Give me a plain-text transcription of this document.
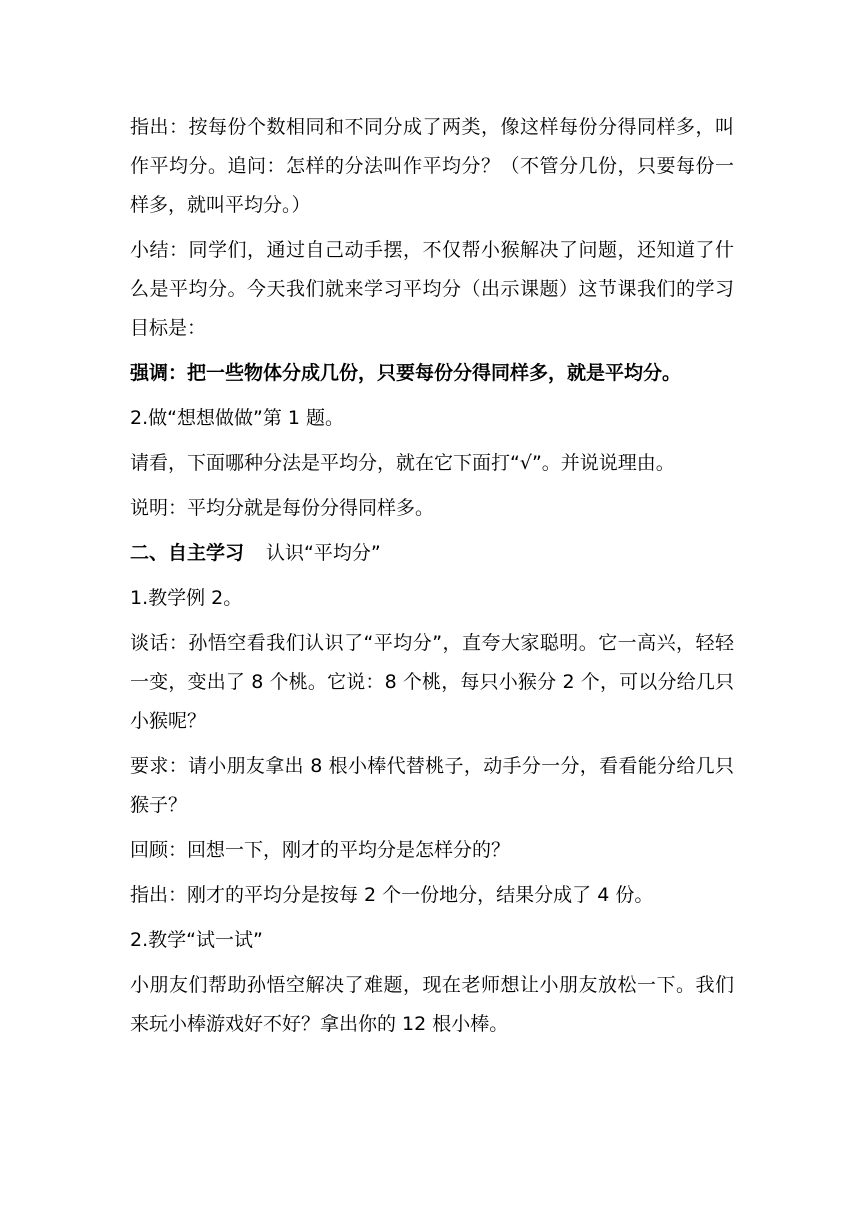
指出：按每份个数相同和不同分成了两类，像这样每份分得同样多，叫作平均分。追问：怎样的分法叫作平均分？（不管分几份，只要每份一样多，就叫平均分。）

小结：同学们，通过自己动手摆，不仅帮小猴解决了问题，还知道了什么是平均分。今天我们就来学习平均分（出示课题）这节课我们的学习目标是：

强调：把一些物体分成几份，只要每份分得同样多，就是平均分。

2.做“想想做做”第 1 题。

请看，下面哪种分法是平均分，就在它下面打“√”。并说说理由。

说明：平均分就是每份分得同样多。

二、自主学习 认识“平均分”

1.教学例 2。

谈话：孙悟空看我们认识了“平均分”，直夸大家聪明。它一高兴，轻轻一变，变出了 8 个桃。它说：8 个桃，每只小猴分 2 个，可以分给几只小猴呢？

要求：请小朋友拿出 8 根小棒代替桃子，动手分一分，看看能分给几只猴子？

回顾：回想一下，刚才的平均分是怎样分的？

指出：刚才的平均分是按每 2 个一份地分，结果分成了 4 份。

2.教学“试一试”

小朋友们帮助孙悟空解决了难题，现在老师想让小朋友放松一下。我们来玩小棒游戏好不好？拿出你的 12 根小棒。
